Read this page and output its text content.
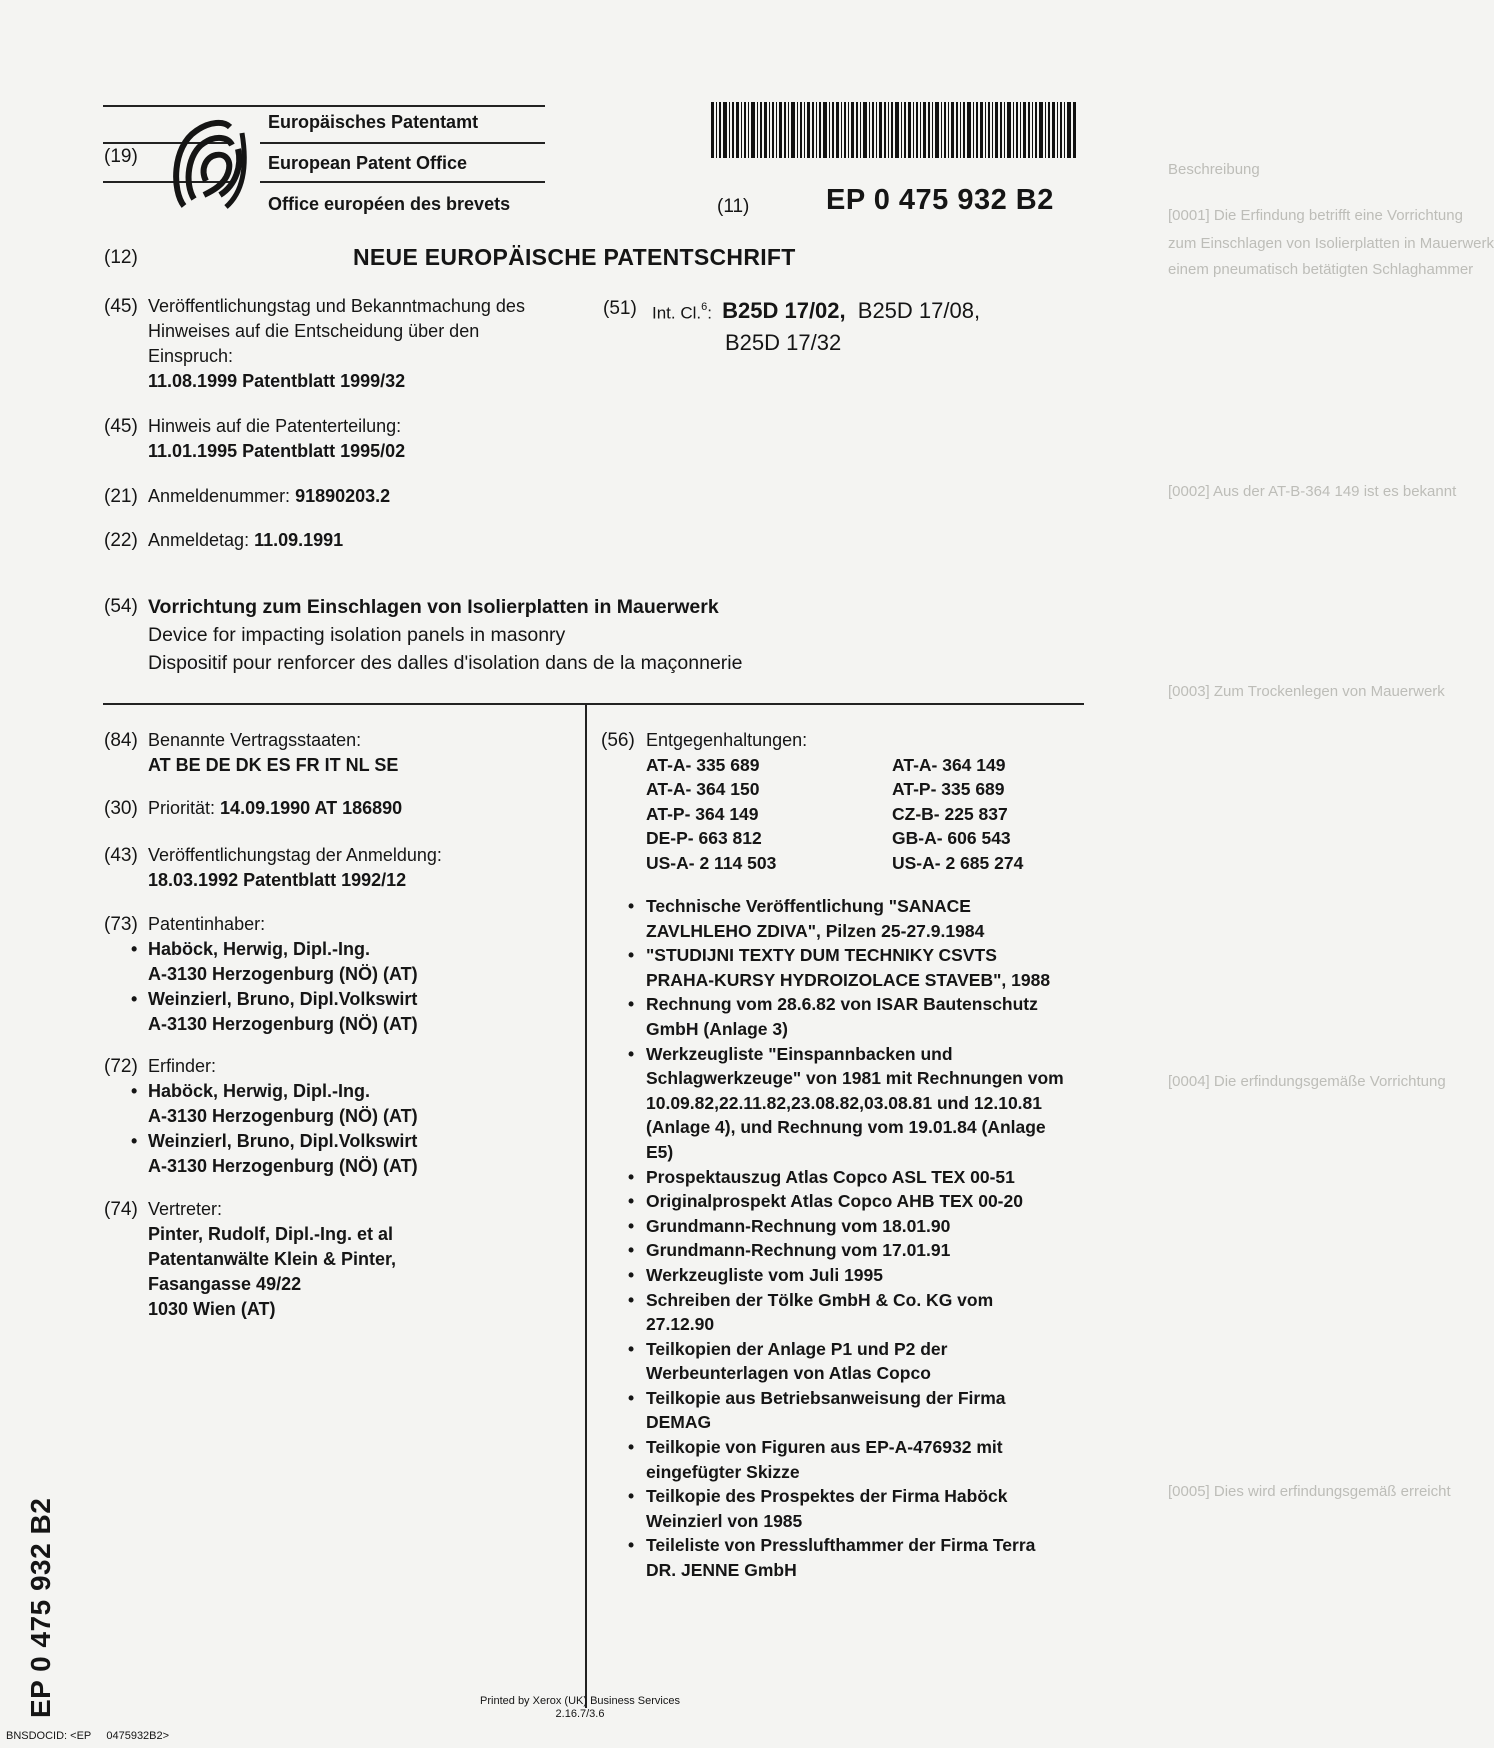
Beschreibung
[0001] Die Erfindung betrifft eine Vorrichtung
zum Einschlagen von Isolierplatten in Mauerwerk
einem pneumatisch betätigten Schlaghammer
[0002] Aus der AT-B-364 149 ist es bekannt
[0003] Zum Trockenlegen von Mauerwerk
[0004] Die erfindungsgemäße Vorrichtung
[0005] Dies wird erfindungsgemäß erreicht
(19)
Europäisches Patentamt
European Patent Office
Office européen des brevets	(11)	EP 0 475 932 B2
(12)	NEUE EUROPÄISCHE PATENTSCHRIFT
(45) Veröffentlichungstag und Bekanntmachung des
Hinweises auf die Entscheidung über den
Einspruch:
11.08.1999 Patentblatt 1999/32
(45) Hinweis auf die Patenterteilung:
11.01.1995 Patentblatt 1995/02
(21) Anmeldenummer: 91890203.2
(22) Anmeldetag: 11.09.1991
(51) Int. Cl.$^6$: B25D 17/02, B25D 17/08,
B25D 17/32
(54) Vorrichtung zum Einschlagen von Isolierplatten in Mauerwerk
Device for impacting isolation panels in masonry
Dispositif pour renforcer des dalles d'isolation dans de la maçonnerie
(84) Benannte Vertragsstaaten:
AT BE DE DK ES FR IT NL SE
(30) Priorität: 14.09.1990 AT 186890
(43) Veröffentlichungstag der Anmeldung:
18.03.1992 Patentblatt 1992/12
(73) Patentinhaber:
• Haböck, Herwig, Dipl.-Ing.
A-3130 Herzogenburg (NÖ) (AT)
• Weinzierl, Bruno, Dipl.Volkswirt
A-3130 Herzogenburg (NÖ) (AT)
(72) Erfinder:
• Haböck, Herwig, Dipl.-Ing.
A-3130 Herzogenburg (NÖ) (AT)
• Weinzierl, Bruno, Dipl.Volkswirt
A-3130 Herzogenburg (NÖ) (AT)
(74) Vertreter:
Pinter, Rudolf, Dipl.-Ing. et al
Patentanwälte Klein & Pinter,
Fasangasse 49/22
1030 Wien (AT)
(56) Entgegenhaltungen:
AT-A- 335 689	AT-A- 364 149
AT-A- 364 150	AT-P- 335 689
AT-P- 364 149	CZ-B- 225 837
DE-P- 663 812	GB-A- 606 543
US-A- 2 114 503	US-A- 2 685 274
• Technische Veröffentlichung "SANACE ZAVLHLEHO ZDIVA", Pilzen 25-27.9.1984
• "STUDIJNI TEXTY DUM TECHNIKY CSVTS PRAHA-KURSY HYDROIZOLACE STAVEB", 1988
• Rechnung vom 28.6.82 von ISAR Bautenschutz GmbH (Anlage 3)
• Werkzeugliste "Einspannbacken und Schlagwerkzeuge" von 1981 mit Rechnungen vom 10.09.82,22.11.82,23.08.82,03.08.81 und 12.10.81 (Anlage 4), und Rechnung vom 19.01.84 (Anlage E5)
• Prospektauszug Atlas Copco ASL TEX 00-51
• Originalprospekt Atlas Copco AHB TEX 00-20
• Grundmann-Rechnung vom 18.01.90
• Grundmann-Rechnung vom 17.01.91
• Werkzeugliste vom Juli 1995
• Schreiben der Tölke GmbH & Co. KG vom 27.12.90
• Teilkopien der Anlage P1 und P2 der Werbeunterlagen von Atlas Copco
• Teilkopie aus Betriebsanweisung der Firma DEMAG
• Teilkopie von Figuren aus EP-A-476932 mit eingefügter Skizze
• Teilkopie des Prospektes der Firma Haböck Weinzierl von 1985
• Teileliste von Presslufthammer der Firma Terra DR. JENNE GmbH
EP 0 475 932 B2	Printed by Xerox (UK) Business Services
2.16.7/3.6
BNSDOCID: <EP     0475932B2>
